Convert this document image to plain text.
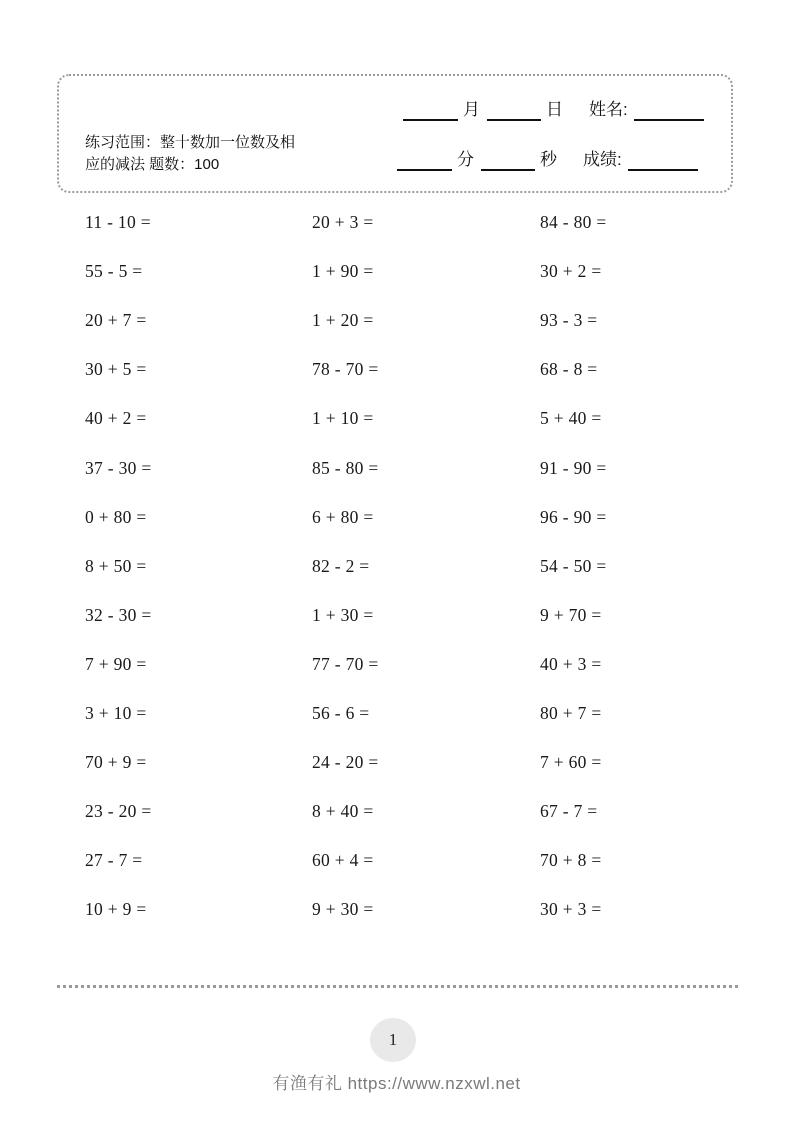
练习范围：整十数加一位数及相
应的减法 题数：100
月	日 姓名:
分	秒 成绩:
11 - 10 =	20 + 3 =	84 - 80 =
55 - 5 =	1 + 90 =	30 + 2 =
20 + 7 =	1 + 20 =	93 - 3 =
30 + 5 =	78 - 70 =	68 - 8 =
40 + 2 =	1 + 10 =	5 + 40 =
37 - 30 =	85 - 80 =	91 - 90 =
0 + 80 =	6 + 80 =	96 - 90 =
8 + 50 =	82 - 2 =	54 - 50 =
32 - 30 =	1 + 30 =	9 + 70 =
7 + 90 =	77 - 70 =	40 + 3 =
3 + 10 =	56 - 6 =	80 + 7 =
70 + 9 =	24 - 20 =	7 + 60 =
23 - 20 =	8 + 40 =	67 - 7 =
27 - 7 =	60 + 4 =	70 + 8 =
10 + 9 =	9 + 30 =	30 + 3 =
1
有渔有礼 https://www.nzxwl.net
